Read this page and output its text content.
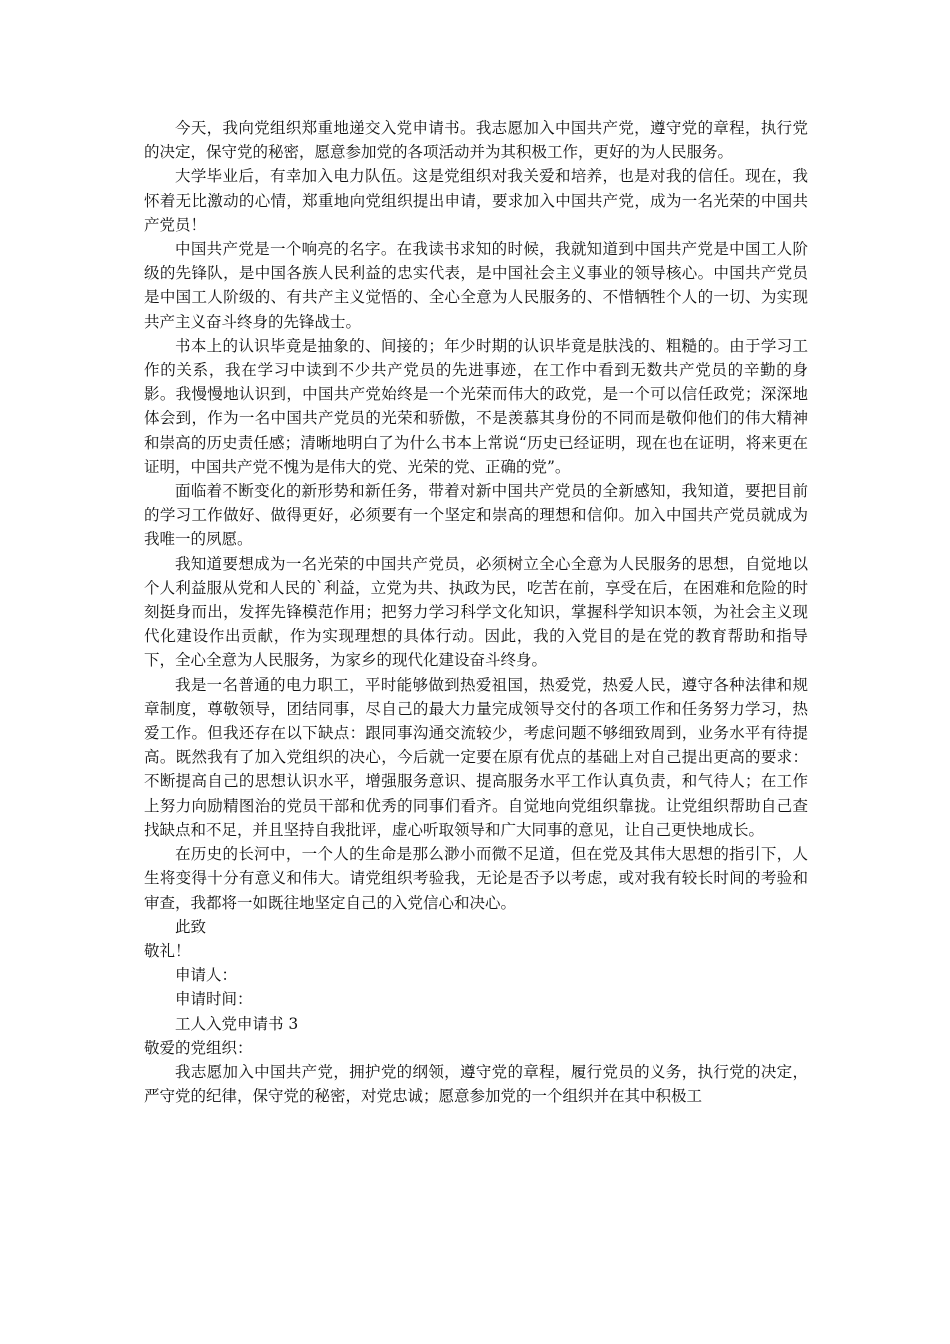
今天，我向党组织郑重地递交入党申请书。我志愿加入中国共产党，遵守党的章程，执行党的决定，保守党的秘密，愿意参加党的各项活动并为其积极工作，更好的为人民服务。

大学毕业后，有幸加入电力队伍。这是党组织对我关爱和培养，也是对我的信任。现在，我怀着无比激动的心情，郑重地向党组织提出申请，要求加入中国共产党，成为一名光荣的中国共产党员！

中国共产党是一个响亮的名字。在我读书求知的时候，我就知道到中国共产党是中国工人阶级的先锋队，是中国各族人民利益的忠实代表，是中国社会主义事业的领导核心。中国共产党员是中国工人阶级的、有共产主义觉悟的、全心全意为人民服务的、不惜牺牲个人的一切、为实现共产主义奋斗终身的先锋战士。

书本上的认识毕竟是抽象的、间接的；年少时期的认识毕竟是肤浅的、粗糙的。由于学习工作的关系，我在学习中读到不少共产党员的先进事迹，在工作中看到无数共产党员的辛勤的身影。我慢慢地认识到，中国共产党始终是一个光荣而伟大的政党，是一个可以信任政党；深深地体会到，作为一名中国共产党员的光荣和骄傲，不是羡慕其身份的不同而是敬仰他们的伟大精神和崇高的历史责任感；清晰地明白了为什么书本上常说“历史已经证明，现在也在证明，将来更在证明，中国共产党不愧为是伟大的党、光荣的党、正确的党”。

面临着不断变化的新形势和新任务，带着对新中国共产党员的全新感知，我知道，要把目前的学习工作做好、做得更好，必须要有一个坚定和崇高的理想和信仰。加入中国共产党员就成为我唯一的夙愿。

我知道要想成为一名光荣的中国共产党员，必须树立全心全意为人民服务的思想，自觉地以个人利益服从党和人民的`利益，立党为共、执政为民，吃苦在前，享受在后，在困难和危险的时刻挺身而出，发挥先锋模范作用；把努力学习科学文化知识，掌握科学知识本领，为社会主义现代化建设作出贡献，作为实现理想的具体行动。因此，我的入党目的是在党的教育帮助和指导下，全心全意为人民服务，为家乡的现代化建设奋斗终身。

我是一名普通的电力职工，平时能够做到热爱祖国，热爱党，热爱人民，遵守各种法律和规章制度，尊敬领导，团结同事，尽自己的最大力量完成领导交付的各项工作和任务努力学习，热爱工作。但我还存在以下缺点：跟同事沟通交流较少，考虑问题不够细致周到，业务水平有待提高。既然我有了加入党组织的决心，今后就一定要在原有优点的基础上对自己提出更高的要求：不断提高自己的思想认识水平，增强服务意识、提高服务水平工作认真负责，和气待人；在工作上努力向励精图治的党员干部和优秀的同事们看齐。自觉地向党组织靠拢。让党组织帮助自己查找缺点和不足，并且坚持自我批评，虚心听取领导和广大同事的意见，让自己更快地成长。

在历史的长河中，一个人的生命是那么渺小而微不足道，但在党及其伟大思想的指引下，人生将变得十分有意义和伟大。请党组织考验我，无论是否予以考虑，或对我有较长时间的考验和审查，我都将一如既往地坚定自己的入党信心和决心。

此致

敬礼！

申请人：

申请时间：

工人入党申请书 3

敬爱的党组织：

我志愿加入中国共产党，拥护党的纲领，遵守党的章程，履行党员的义务，执行党的决定，严守党的纪律，保守党的秘密，对党忠诚；愿意参加党的一个组织并在其中积极工
